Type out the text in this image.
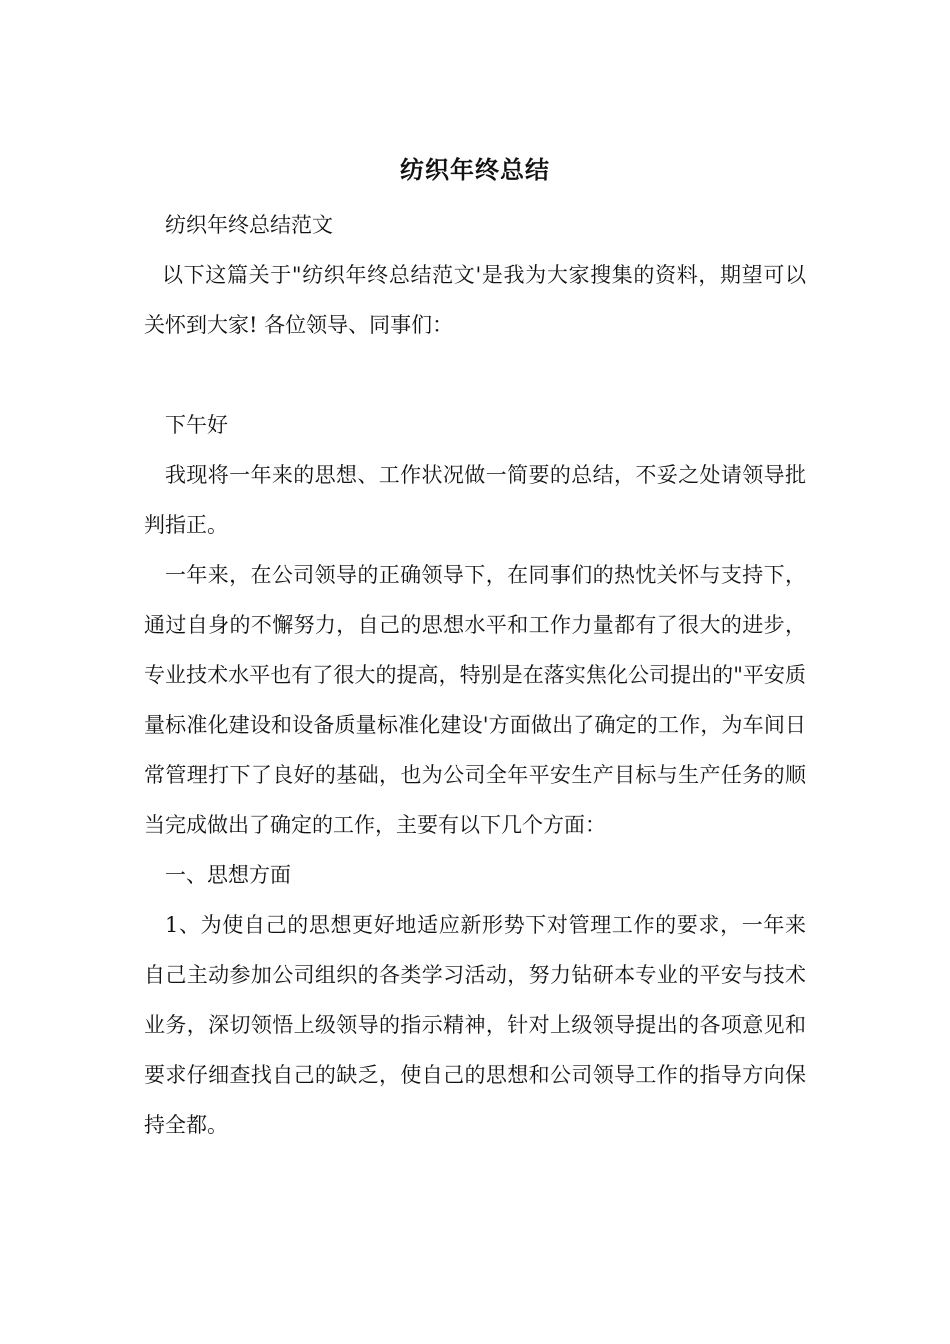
纺织年终总结

纺织年终总结范文

以下这篇关于"纺织年终总结范文'是我为大家搜集的资料，期望可以关怀到大家! 各位领导、同事们：

下午好

我现将一年来的思想、工作状况做一简要的总结，不妥之处请领导批判指正。

一年来，在公司领导的正确领导下，在同事们的热忱关怀与支持下，通过自身的不懈努力，自己的思想水平和工作力量都有了很大的进步，专业技术水平也有了很大的提高，特别是在落实焦化公司提出的"平安质量标准化建设和设备质量标准化建设'方面做出了确定的工作，为车间日常管理打下了良好的基础，也为公司全年平安生产目标与生产任务的顺当完成做出了确定的工作，主要有以下几个方面：

一、思想方面

1、为使自己的思想更好地适应新形势下对管理工作的要求，一年来自己主动参加公司组织的各类学习活动，努力钻研本专业的平安与技术业务，深切领悟上级领导的指示精神，针对上级领导提出的各项意见和要求仔细查找自己的缺乏，使自己的思想和公司领导工作的指导方向保持全都。
